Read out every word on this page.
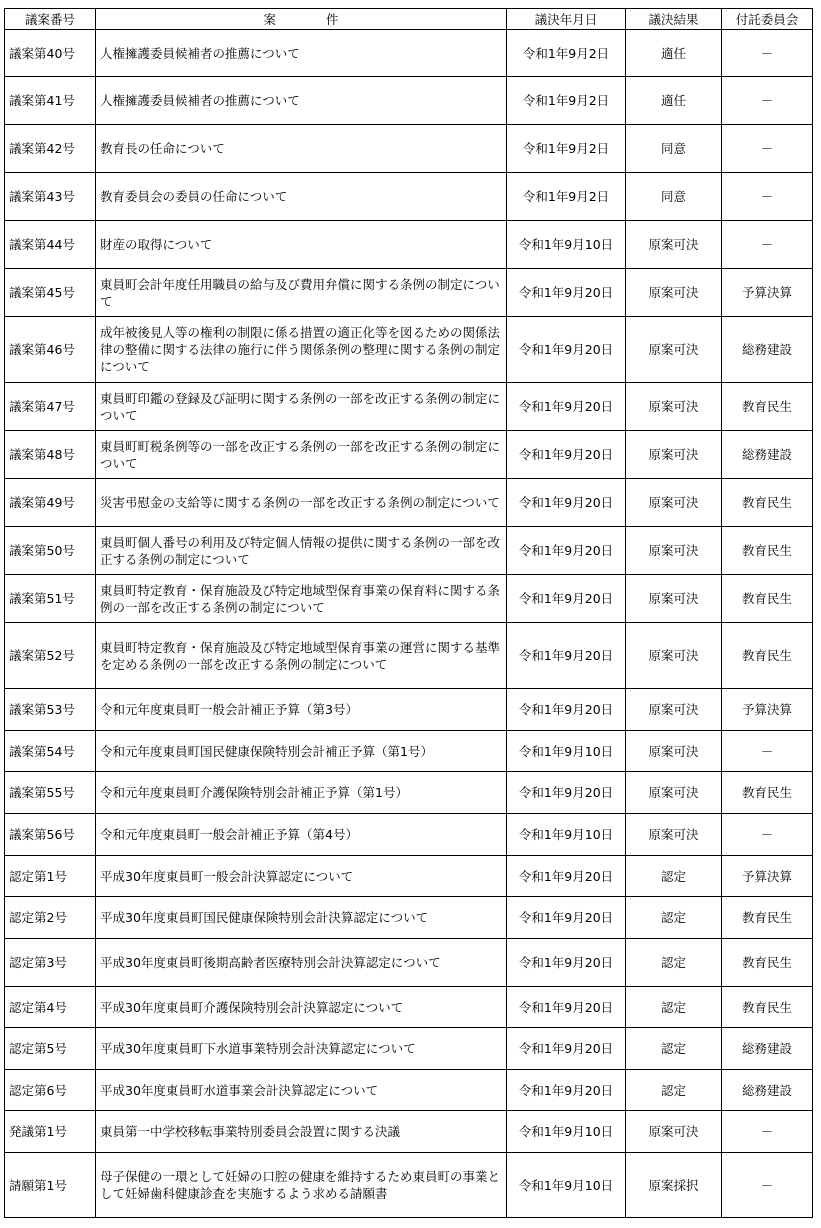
議案番号	案　　　　件	議決年月日	議決結果	付託委員会
議案第40号	人権擁護委員候補者の推薦について	令和1年9月2日	適任	－
議案第41号	人権擁護委員候補者の推薦について	令和1年9月2日	適任	－
議案第42号	教育長の任命について	令和1年9月2日	同意	－
議案第43号	教育委員会の委員の任命について	令和1年9月2日	同意	－
議案第44号	財産の取得について	令和1年9月10日	原案可決	－
議案第45号	東員町会計年度任用職員の給与及び費用弁償に関する条例の制定について	令和1年9月20日	原案可決	予算決算
議案第46号	成年被後見人等の権利の制限に係る措置の適正化等を図るための関係法律の整備に関する法律の施行に伴う関係条例の整理に関する条例の制定について	令和1年9月20日	原案可決	総務建設
議案第47号	東員町印鑑の登録及び証明に関する条例の一部を改正する条例の制定について	令和1年9月20日	原案可決	教育民生
議案第48号	東員町町税条例等の一部を改正する条例の一部を改正する条例の制定について	令和1年9月20日	原案可決	総務建設
議案第49号	災害弔慰金の支給等に関する条例の一部を改正する条例の制定について	令和1年9月20日	原案可決	教育民生
議案第50号	東員町個人番号の利用及び特定個人情報の提供に関する条例の一部を改正する条例の制定について	令和1年9月20日	原案可決	教育民生
議案第51号	東員町特定教育・保育施設及び特定地域型保育事業の保育料に関する条例の一部を改正する条例の制定について	令和1年9月20日	原案可決	教育民生
議案第52号	東員町特定教育・保育施設及び特定地域型保育事業の運営に関する基準を定める条例の一部を改正する条例の制定について	令和1年9月20日	原案可決	教育民生
議案第53号	令和元年度東員町一般会計補正予算（第3号）	令和1年9月20日	原案可決	予算決算
議案第54号	令和元年度東員町国民健康保険特別会計補正予算（第1号）	令和1年9月10日	原案可決	－
議案第55号	令和元年度東員町介護保険特別会計補正予算（第1号）	令和1年9月20日	原案可決	教育民生
議案第56号	令和元年度東員町一般会計補正予算（第4号）	令和1年9月10日	原案可決	－
認定第1号	平成30年度東員町一般会計決算認定について	令和1年9月20日	認定	予算決算
認定第2号	平成30年度東員町国民健康保険特別会計決算認定について	令和1年9月20日	認定	教育民生
認定第3号	平成30年度東員町後期高齢者医療特別会計決算認定について	令和1年9月20日	認定	教育民生
認定第4号	平成30年度東員町介護保険特別会計決算認定について	令和1年9月20日	認定	教育民生
認定第5号	平成30年度東員町下水道事業特別会計決算認定について	令和1年9月20日	認定	総務建設
認定第6号	平成30年度東員町水道事業会計決算認定について	令和1年9月20日	認定	総務建設
発議第1号	東員第一中学校移転事業特別委員会設置に関する決議	令和1年9月10日	原案可決	－
請願第1号	母子保健の一環として妊婦の口腔の健康を維持するため東員町の事業として妊婦歯科健康診査を実施するよう求める請願書	令和1年9月10日	原案採択	－
